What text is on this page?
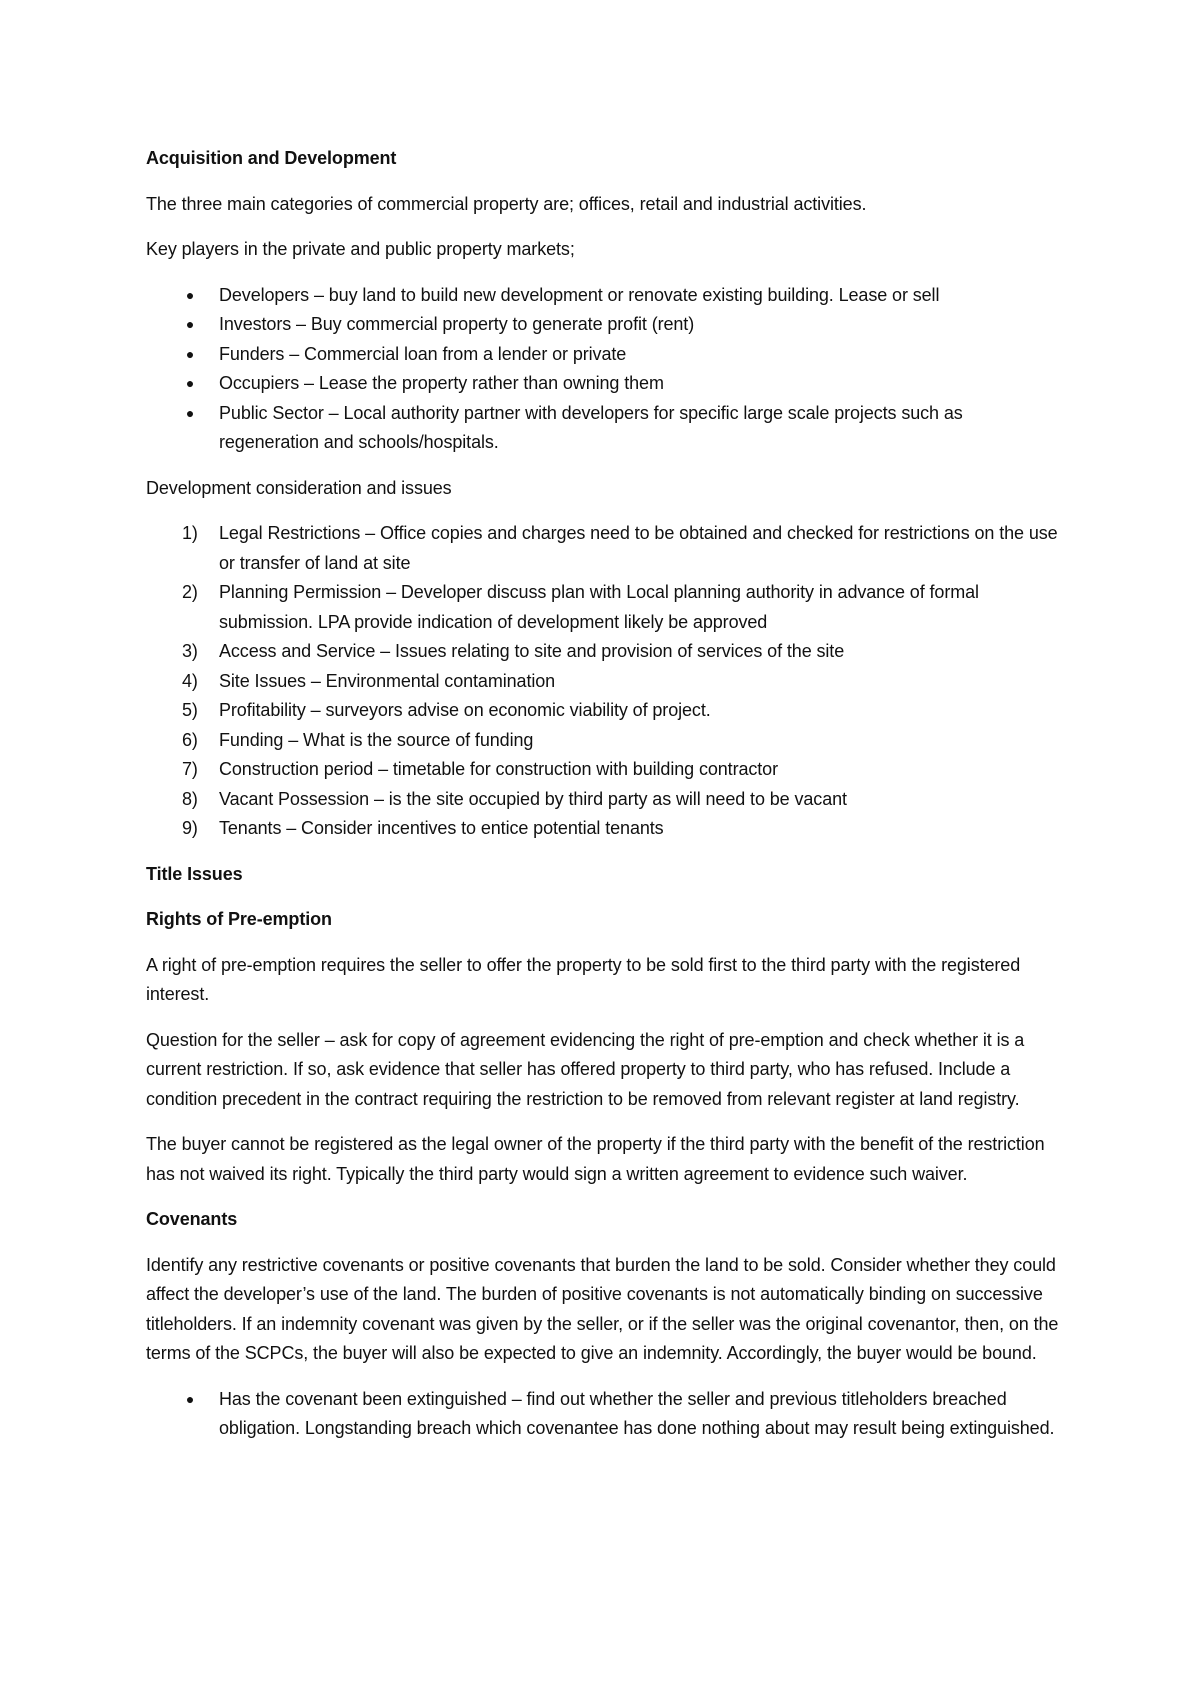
Acquisition and Development
The three main categories of commercial property are; offices, retail and industrial activities.
Key players in the private and public property markets;
● Developers – buy land to build new development or renovate existing building. Lease or sell
● Investors – Buy commercial property to generate profit (rent)
● Funders – Commercial loan from a lender or private
● Occupiers – Lease the property rather than owning them
● Public Sector – Local authority partner with developers for specific large scale projects such as regeneration and schools/hospitals.
Development consideration and issues
1) Legal Restrictions – Office copies and charges need to be obtained and checked for restrictions on the use or transfer of land at site
2) Planning Permission – Developer discuss plan with Local planning authority in advance of formal submission. LPA provide indication of development likely be approved
3) Access and Service – Issues relating to site and provision of services of the site
4) Site Issues – Environmental contamination
5) Profitability – surveyors advise on economic viability of project.
6) Funding – What is the source of funding
7) Construction period – timetable for construction with building contractor
8) Vacant Possession – is the site occupied by third party as will need to be vacant
9) Tenants – Consider incentives to entice potential tenants
Title Issues
Rights of Pre-emption
A right of pre-emption requires the seller to offer the property to be sold first to the third party with the registered interest.
Question for the seller – ask for copy of agreement evidencing the right of pre-emption and check whether it is a current restriction. If so, ask evidence that seller has offered property to third party, who has refused. Include a condition precedent in the contract requiring the restriction to be removed from relevant register at land registry.
The buyer cannot be registered as the legal owner of the property if the third party with the benefit of the restriction has not waived its right. Typically the third party would sign a written agreement to evidence such waiver.
Covenants
Identify any restrictive covenants or positive covenants that burden the land to be sold. Consider whether they could affect the developer’s use of the land. The burden of positive covenants is not automatically binding on successive titleholders. If an indemnity covenant was given by the seller, or if the seller was the original covenantor, then, on the terms of the SCPCs, the buyer will also be expected to give an indemnity. Accordingly, the buyer would be bound.
● Has the covenant been extinguished – find out whether the seller and previous titleholders breached obligation. Longstanding breach which covenantee has done nothing about may result being extinguished.
